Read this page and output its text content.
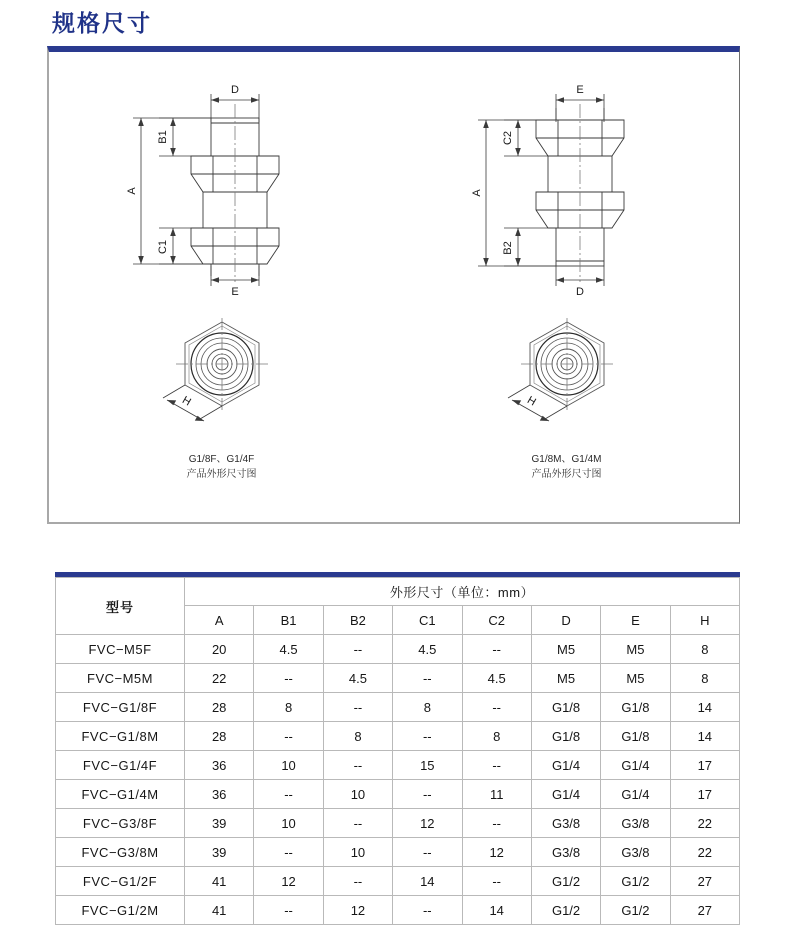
规格尺寸
D
E
A
B1
C1
H
G1/8F、G1/4F
产品外形尺寸图
E
D
A
C2
B2
H
G1/8M、G1/4M
产品外形尺寸图
型号	外形尺寸（单位：mm）							
	A	B1	B2	C1	C2	D	E	H
FVC−M5F	20	4.5	--	4.5	--	M5	M5	8
FVC−M5M	22	--	4.5	--	4.5	M5	M5	8
FVC−G1/8F	28	8	--	8	--	G1/8	G1/8	14
FVC−G1/8M	28	--	8	--	8	G1/8	G1/8	14
FVC−G1/4F	36	10	--	15	--	G1/4	G1/4	17
FVC−G1/4M	36	--	10	--	11	G1/4	G1/4	17
FVC−G3/8F	39	10	--	12	--	G3/8	G3/8	22
FVC−G3/8M	39	--	10	--	12	G3/8	G3/8	22
FVC−G1/2F	41	12	--	14	--	G1/2	G1/2	27
FVC−G1/2M	41	--	12	--	14	G1/2	G1/2	27
